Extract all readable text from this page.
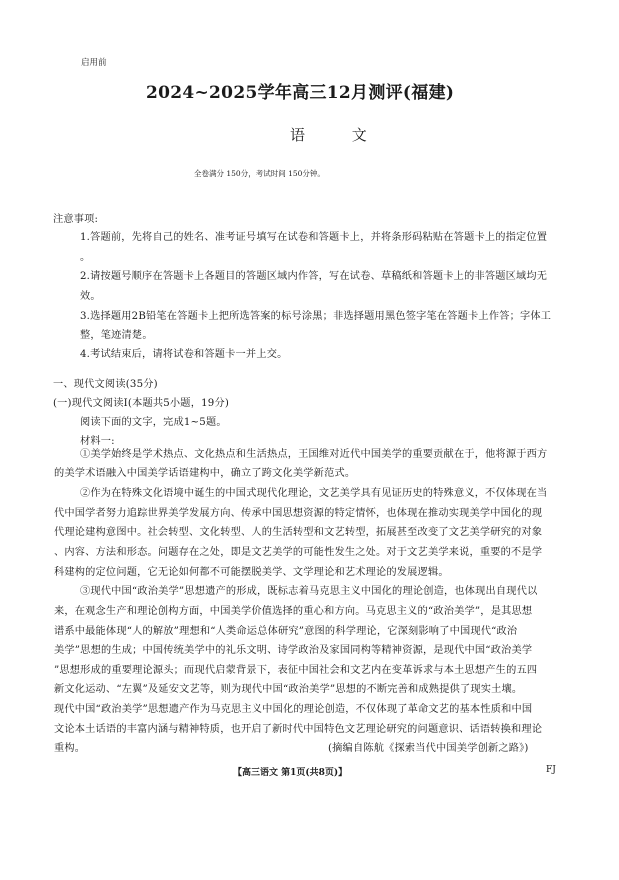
启用前
2024~2025学年高三12月测评(福建)
语	文
全卷满分 150分，考试时间 150分钟。
注意事项:
1.答题前，先将自己的姓名、准考证号填写在试卷和答题卡上，并将条形码粘贴在答题卡上的指定位置
。
2.请按题号顺序在答题卡上各题目的答题区域内作答，写在试卷、草稿纸和答题卡上的非答题区域均无
效。
3.选择题用2B铅笔在答题卡上把所选答案的标号涂黑；非选择题用黑色签字笔在答题卡上作答；字体工
整，笔迹清楚。
4.考试结束后，请将试卷和答题卡一并上交。
一、现代文阅读(35分)
(一)现代文阅读Ⅰ(本题共5小题，19分)
阅读下面的文字，完成1~5题。
材料一:
①美学始终是学术热点、文化热点和生活热点，王国维对近代中国美学的重要贡献在于，他将源于西方
的美学术语融入中国美学话语建构中，确立了跨文化美学新范式。
②作为在特殊文化语境中诞生的中国式现代化理论，文艺美学具有见证历史的特殊意义，不仅体现在当
代中国学者努力追踪世界美学发展方向、传承中国思想资源的特定情怀，也体现在推动实现美学中国化的现
代理论建构意图中。社会转型、文化转型、人的生活转型和文艺转型，拓展甚至改变了文艺美学研究的对象
、内容、方法和形态。问题存在之处，即是文艺美学的可能性发生之处。对于文艺美学来说，重要的不是学
科建构的定位问题，它无论如何都不可能摆脱美学、文学理论和艺术理论的发展逻辑。
③现代中国“政治美学”思想遗产的形成，既标志着马克思主义中国化的理论创造，也体现出自现代以
来，在观念生产和理论创构方面，中国美学价值选择的重心和方向。马克思主义的“政治美学”，是其思想
谱系中最能体现“人的解放”理想和“人类命运总体研究”意图的科学理论，它深刻影响了中国现代“政治
美学”思想的生成；中国传统美学中的礼乐文明、诗学政治及家国同构等精神资源，是现代中国“政治美学
”思想形成的重要理论源头；而现代启蒙背景下，表征中国社会和文艺内在变革诉求与本土思想产生的五四
新文化运动、“左翼”及延安文艺等，则为现代中国“政治美学”思想的不断完善和成熟提供了现实土壤。
现代中国“政治美学”思想遗产作为马克思主义中国化的理论创造，不仅体现了革命文艺的基本性质和中国
文论本土话语的丰富内涵与精神特质，也开启了新时代中国特色文艺理论研究的问题意识、话语转换和理论
重构。	(摘编自陈航《探索当代中国美学创新之路》)
【高三语文 第1页(共8页)】	FJ
